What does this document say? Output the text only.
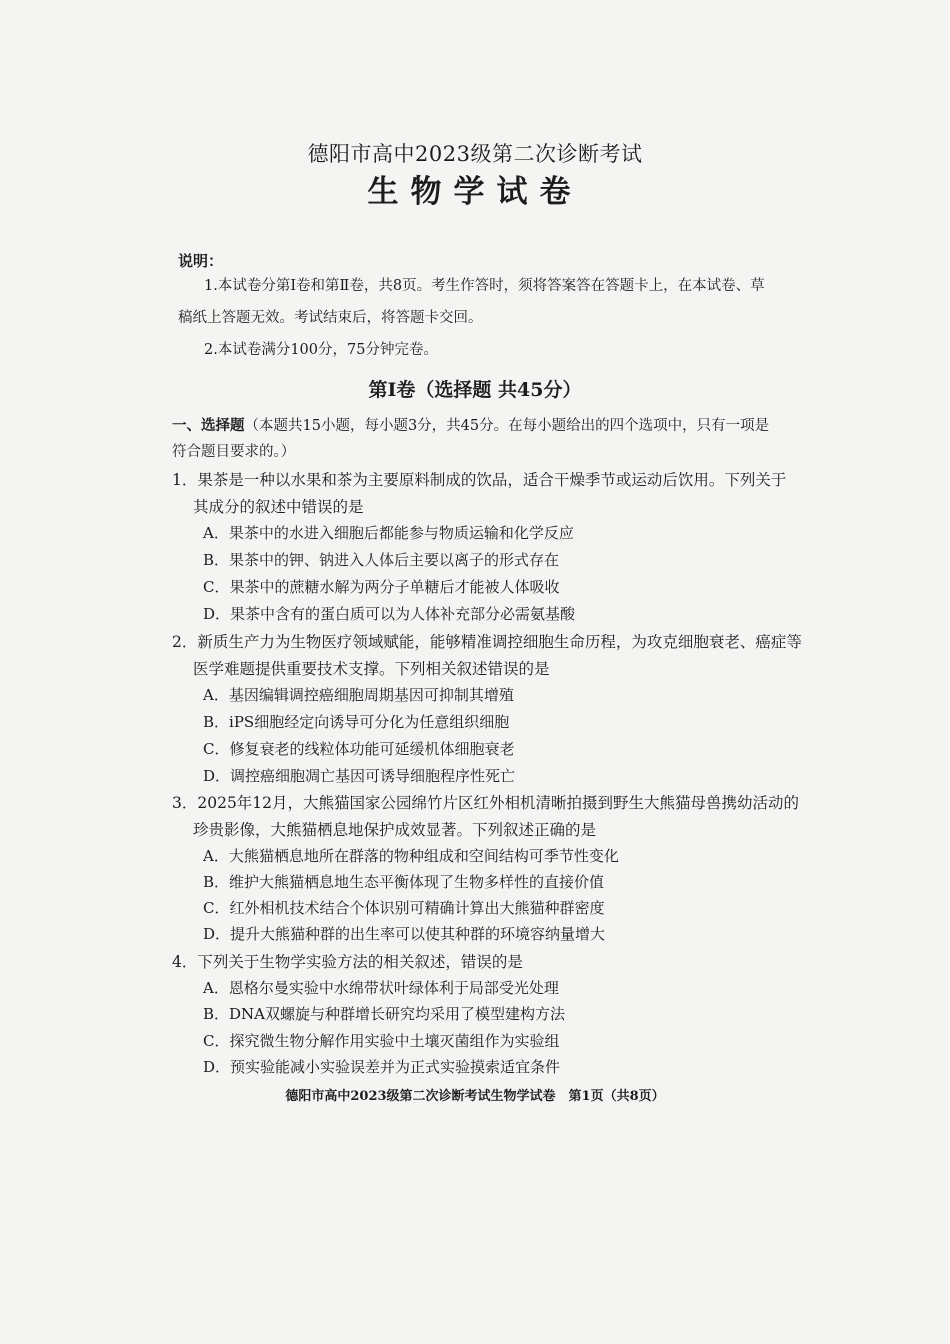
德阳市高中2023级第二次诊断考试
生物学试卷
说明：
1.本试卷分第Ⅰ卷和第Ⅱ卷，共8页。考生作答时，须将答案答在答题卡上，在本试卷、草
稿纸上答题无效。考试结束后，将答题卡交回。
2.本试卷满分100分，75分钟完卷。
第Ⅰ卷（选择题 共45分）
一、选择题（本题共15小题，每小题3分，共45分。在每小题给出的四个选项中，只有一项是
符合题目要求的。）
1．果茶是一种以水果和茶为主要原料制成的饮品，适合干燥季节或运动后饮用。下列关于
其成分的叙述中错误的是
A．果茶中的水进入细胞后都能参与物质运输和化学反应
B．果茶中的钾、钠进入人体后主要以离子的形式存在
C．果茶中的蔗糖水解为两分子单糖后才能被人体吸收
D．果茶中含有的蛋白质可以为人体补充部分必需氨基酸
2．新质生产力为生物医疗领域赋能，能够精准调控细胞生命历程，为攻克细胞衰老、癌症等
医学难题提供重要技术支撑。下列相关叙述错误的是
A．基因编辑调控癌细胞周期基因可抑制其增殖
B．iPS细胞经定向诱导可分化为任意组织细胞
C．修复衰老的线粒体功能可延缓机体细胞衰老
D．调控癌细胞凋亡基因可诱导细胞程序性死亡
3．2025年12月，大熊猫国家公园绵竹片区红外相机清晰拍摄到野生大熊猫母兽携幼活动的
珍贵影像，大熊猫栖息地保护成效显著。下列叙述正确的是
A．大熊猫栖息地所在群落的物种组成和空间结构可季节性变化
B．维护大熊猫栖息地生态平衡体现了生物多样性的直接价值
C．红外相机技术结合个体识别可精确计算出大熊猫种群密度
D．提升大熊猫种群的出生率可以使其种群的环境容纳量增大
4．下列关于生物学实验方法的相关叙述，错误的是
A．恩格尔曼实验中水绵带状叶绿体利于局部受光处理
B．DNA双螺旋与种群增长研究均采用了模型建构方法
C．探究微生物分解作用实验中土壤灭菌组作为实验组
D．预实验能减小实验误差并为正式实验摸索适宜条件
德阳市高中2023级第二次诊断考试生物学试卷　第1页（共8页）
